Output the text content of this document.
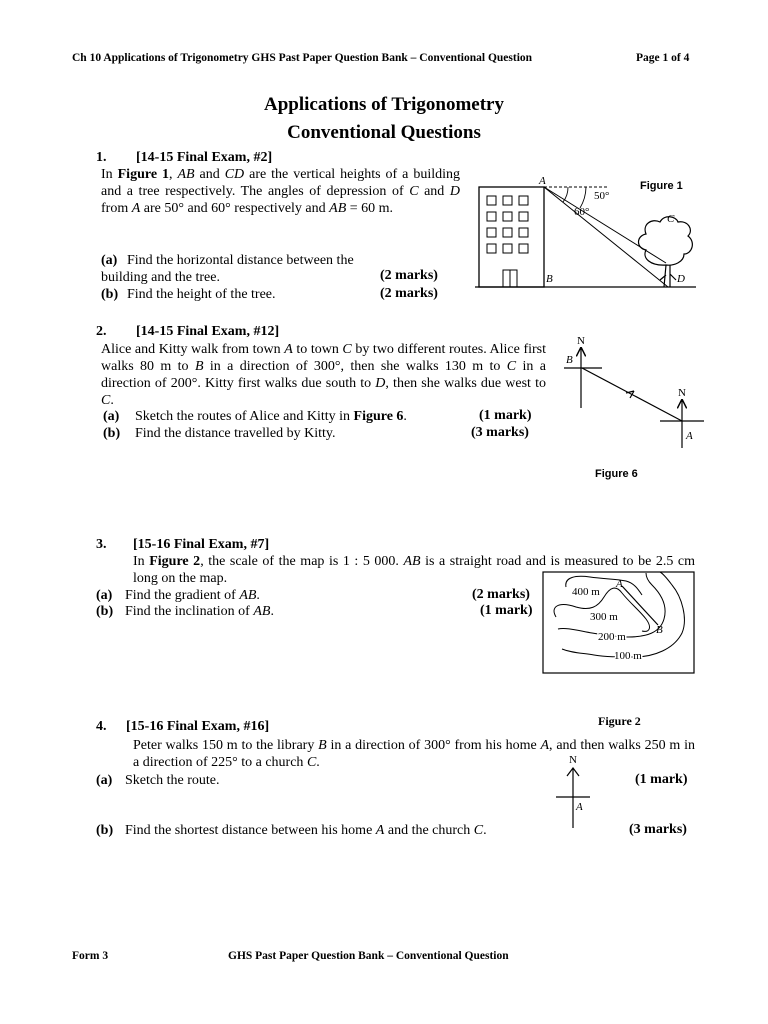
Ch 10 Applications of Trigonometry GHS Past Paper Question Bank – Conventional Question	Page 1 of 4
Applications of Trigonometry
Conventional Questions
1. [14-15 Final Exam, #2]
In Figure 1, AB and CD are the vertical heights of a building and a tree respectively. The angles of depression of C and D from A are 50° and 60° respectively and AB = 60 m.
(a) Find the horizontal distance between the building and the tree.	(2 marks)
(b) Find the height of the tree.	(2 marks)
A
50°
60°
C
B	D
Figure 1
2. [14-15 Final Exam, #12]
Alice and Kitty walk from town A to town C by two different routes. Alice first walks 80 m to B in a direction of 300°, then she walks 130 m to C in a direction of 200°. Kitty first walks due south to D, then she walks due west to C.
(a) Sketch the routes of Alice and Kitty in Figure 6.	(1 mark)
(b) Find the distance travelled by Kitty.	(3 marks)
N
B
N
A
Figure 6
3. [15-16 Final Exam, #7]
In Figure 2, the scale of the map is 1 : 5 000. AB is a straight road and is measured to be 2.5 cm long on the map.
(a) Find the gradient of AB.	(2 marks)
(b) Find the inclination of AB.	(1 mark)
400 m
300 m
200 m
100 m
A
B
Figure 2
4. [15-16 Final Exam, #16]
Peter walks 150 m to the library B in a direction of 300° from his home A, and then walks 250 m in a direction of 225° to a church C.
(a) Sketch the route.	(1 mark)
(b) Find the shortest distance between his home A and the church C.	(3 marks)
N
A
Form 3	GHS Past Paper Question Bank – Conventional Question
